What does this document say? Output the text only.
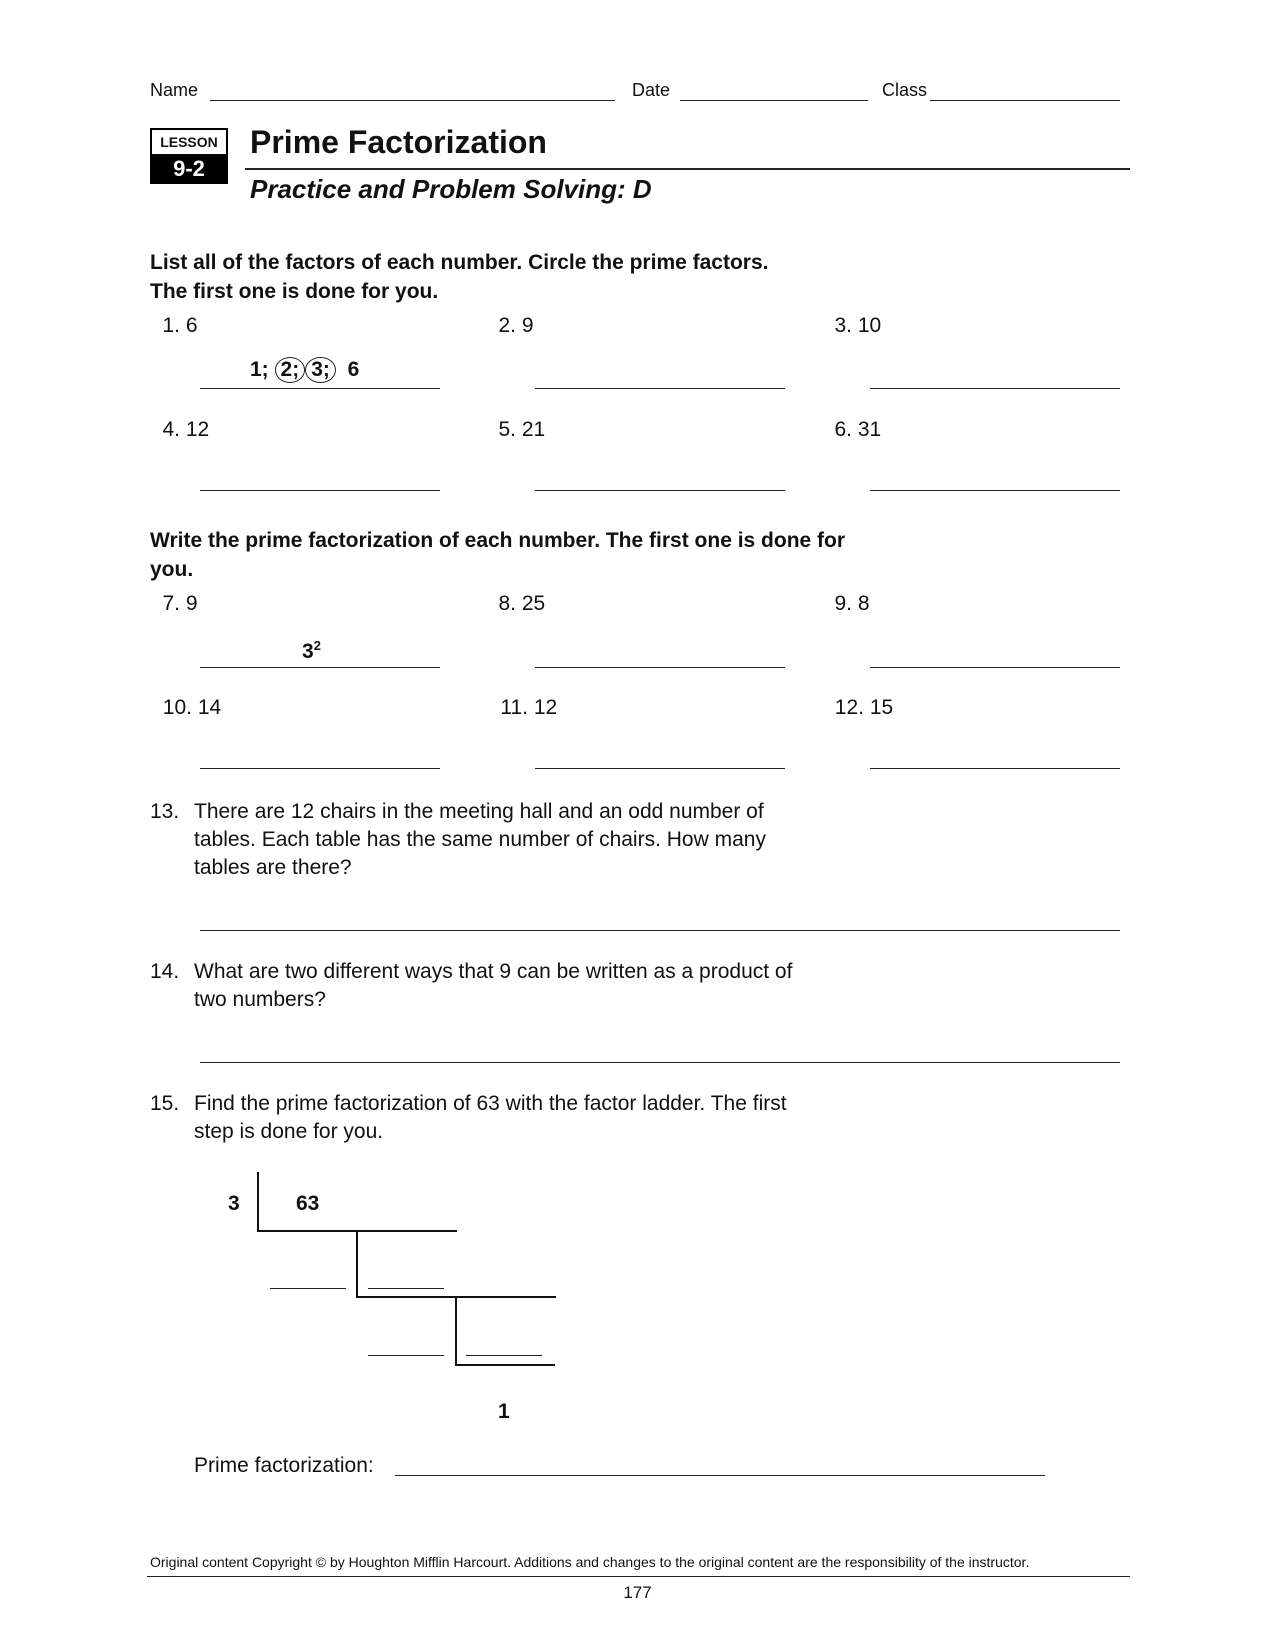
Name	Date	Class
LESSON
9-2
Prime Factorization
Practice and Problem Solving: D
List all of the factors of each number. Circle the prime factors.
The first one is done for you.
1. 6	2. 9	3. 10
1; 2; 3; 6
4. 12	5. 21	6. 31
Write the prime factorization of each number. The first one is done for
you.
7. 9	8. 25	9. 8
$3^2$
10. 14	11. 12	12. 15
13. There are 12 chairs in the meeting hall and an odd number of
tables. Each table has the same number of chairs. How many
tables are there?
14. What are two different ways that 9 can be written as a product of
two numbers?
15. Find the prime factorization of 63 with the factor ladder. The first
step is done for you.
3	63
1
Prime factorization:
Original content Copyright © by Houghton Mifflin Harcourt. Additions and changes to the original content are the responsibility of the instructor.
177
